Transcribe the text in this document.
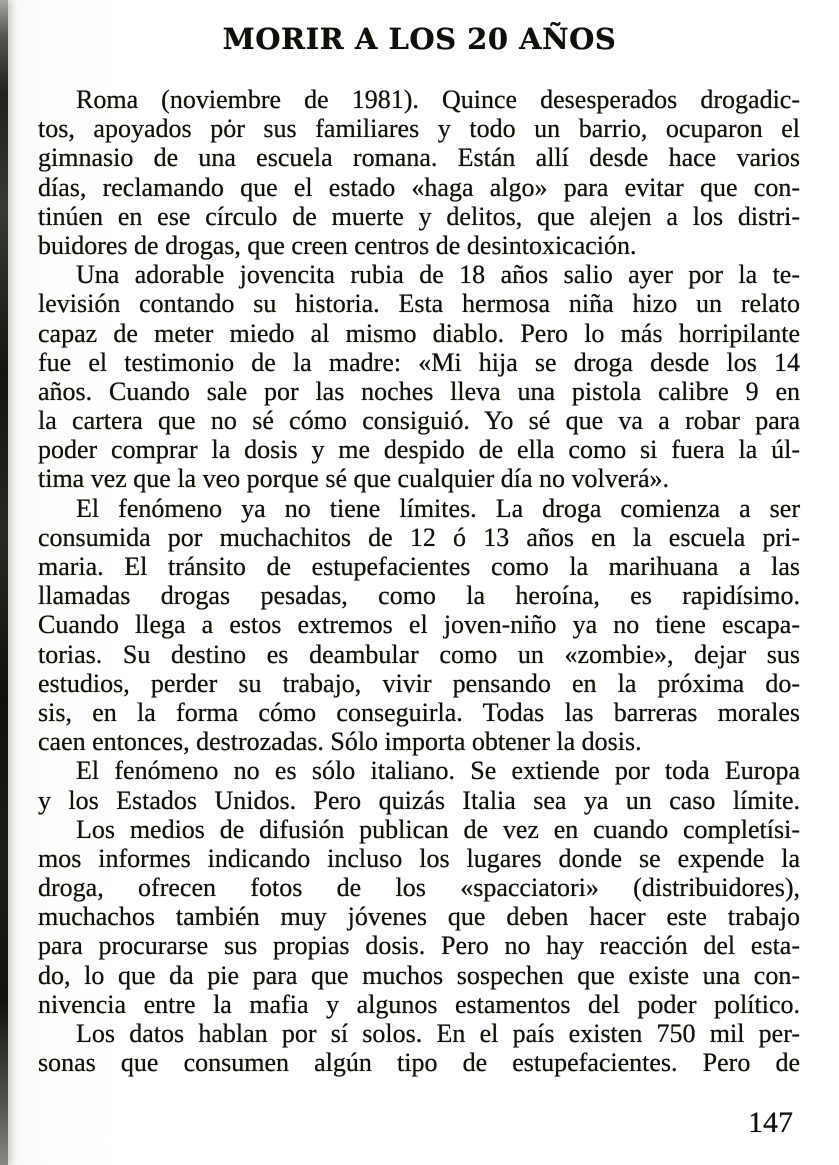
MORIR A LOS 20 AÑOS
Roma (noviembre de 1981). Quince desesperados drogadic-
tos, apoyados pȯr sus familiares y todo un barrio, ocuparon el
gimnasio de una escuela romana. Están allí desde hace varios
días, reclamando que el estado «haga algo» para evitar que con-
tinúen en ese círculo de muerte y delitos, que alejen a los distri-
buidores de drogas, que creen centros de desintoxicación.
Una adorable jovencita rubia de 18 años salio ayer por la te-
levisión contando su historia. Esta hermosa niña hizo un relato
capaz de meter miedo al mismo diablo. Pero lo más horripilante
fue el testimonio de la madre: «Mi hija se droga desde los 14
años. Cuando sale por las noches lleva una pistola calibre 9 en
la cartera que no sé cómo consiguió. Yo sé que va a robar para
poder comprar la dosis y me despido de ella como si fuera la úl-
tima vez que la veo porque sé que cualquier día no volverá».
El fenómeno ya no tiene límites. La droga comienza a ser
consumida por muchachitos de 12 ó 13 años en la escuela pri-
maria. El tránsito de estupefacientes como la marihuana a las
llamadas drogas pesadas, como la heroína, es rapidísimo.
Cuando llega a estos extremos el joven-niño ya no tiene escapa-
torias. Su destino es deambular como un «zombie», dejar sus
estudios, perder su trabajo, vivir pensando en la próxima do-
sis, en la forma cómo conseguirla. Todas las barreras morales
caen entonces, destrozadas. Sólo importa obtener la dosis.
El fenómeno no es sólo italiano. Se extiende por toda Europa
y los Estados Unidos. Pero quizás Italia sea ya un caso límite.
Los medios de difusión publican de vez en cuando completísi-
mos informes indicando incluso los lugares donde se expende la
droga, ofrecen fotos de los «spacciatori» (distribuidores),
muchachos también muy jóvenes que deben hacer este trabajo
para procurarse sus propias dosis. Pero no hay reacción del esta-
do, lo que da pie para que muchos sospechen que existe una con-
nivencia entre la mafia y algunos estamentos del poder político.
Los datos hablan por sí solos. En el país existen 750 mil per-
sonas que consumen algún tipo de estupefacientes. Pero de
147
